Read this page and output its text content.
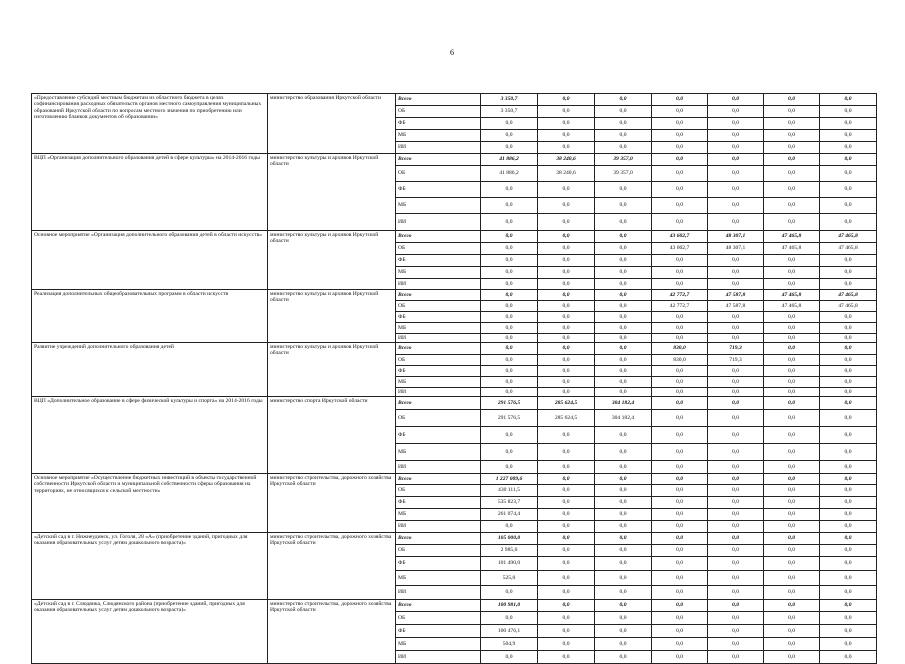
6
«Предоставление субсидий местным бюджетам из областного бюджета в целях софинансирования расходных обязательств органов местного самоуправления муниципальных образований Иркутской области по вопросам местного значения по приобретению или изготовлению бланков документов об образовании»	министерство образования Иркутской области	Всего	3 350,7	0,0	0,0	0,0	0,0	0,0	0,0
		ОБ	3 350,7	0,0	0,0	0,0	0,0	0,0	0,0
		ФБ	0,0	0,0	0,0	0,0	0,0	0,0	0,0
		МБ	0,0	0,0	0,0	0,0	0,0	0,0	0,0
		ИИ	0,0	0,0	0,0	0,0	0,0	0,0	0,0
ВЦП «Организация дополнительного образования детей в сфере культуры» на 2014-2016 годы	министерство культуры и архивов Иркутской области	Всего	41 886,2	38 240,6	39 357,0	0,0	0,0	0,0	0,0
		ОБ	41 886,2	38 240,6	39 357,0	0,0	0,0	0,0	0,0
		ФБ	0,0	0,0	0,0	0,0	0,0	0,0	0,0
		МБ	0,0	0,0	0,0	0,0	0,0	0,0	0,0
		ИИ	0,0	0,0	0,0	0,0	0,0	0,0	0,0
Основное мероприятие «Организация дополнительного образования детей в области искусств»	министерство культуры и архивов Иркутской области	Всего	0,0	0,0	0,0	43 602,7	48 307,1	47 465,8	47 465,8
		ОБ	0,0	0,0	0,0	43 602,7	48 307,1	47 465,8	47 465,8
		ФБ	0,0	0,0	0,0	0,0	0,0	0,0	0,0
		МБ	0,0	0,0	0,0	0,0	0,0	0,0	0,0
		ИИ	0,0	0,0	0,0	0,0	0,0	0,0	0,0
Реализация дополнительных общеобразовательных программ в области искусств	министерство культуры и архивов Иркутской области	Всего	0,0	0,0	0,0	42 772,7	47 587,8	47 465,8	47 465,8
		ОБ	0,0	0,0	0,0	42 772,7	47 587,8	47 465,8	47 465,8
		ФБ	0,0	0,0	0,0	0,0	0,0	0,0	0,0
		МБ	0,0	0,0	0,0	0,0	0,0	0,0	0,0
		ИИ	0,0	0,0	0,0	0,0	0,0	0,0	0,0
Развитие учреждений дополнительного образования детей	министерство культуры и архивов Иркутской области	Всего	0,0	0,0	0,0	830,0	719,3	0,0	0,0
		ОБ	0,0	0,0	0,0	830,0	719,3	0,0	0,0
		ФБ	0,0	0,0	0,0	0,0	0,0	0,0	0,0
		МБ	0,0	0,0	0,0	0,0	0,0	0,0	0,0
		ИИ	0,0	0,0	0,0	0,0	0,0	0,0	0,0
ВЦП «Дополнительное образование в сфере физической культуры и спорта» на 2014-2016 годы	министерство спорта Иркутской области	Всего	291 576,5	285 624,5	304 182,4	0,0	0,0	0,0	0,0
		ОБ	291 576,5	285 624,5	304 182,4	0,0	0,0	0,0	0,0
		ФБ	0,0	0,0	0,0	0,0	0,0	0,0	0,0
		МБ	0,0	0,0	0,0	0,0	0,0	0,0	0,0
		ИИ	0,0	0,0	0,0	0,0	0,0	0,0	0,0
Основное мероприятие «Осуществление бюджетных инвестиций в объекты государственной собственности Иркутской области и муниципальной собственности сферы образования на территориях, не относящихся к сельской местности»	министерство строительства, дорожного хозяйства Иркутской области	Всего	1 227 009,6	0,0	0,0	0,0	0,0	0,0	0,0
		ОБ	430 111,5	0,0	0,0	0,0	0,0	0,0	0,0
		ФБ	535 823,7	0,0	0,0	0,0	0,0	0,0	0,0
		МБ	261 074,4	0,0	0,0	0,0	0,0	0,0	0,0
		ИИ	0,0	0,0	0,0	0,0	0,0	0,0	0,0
«Детский сад в г. Нижнеудинск, ул. Гоголя, 28 «А» (приобретение зданий, пригодных для оказания образовательных услуг детям дошкольного возраста)»	министерство строительства, дорожного хозяйства Иркутской области	Всего	105 000,0	0,0	0,0	0,0	0,0	0,0	0,0
		ОБ	2 985,0	0,0	0,0	0,0	0,0	0,0	0,0
		ФБ	101 490,0	0,0	0,0	0,0	0,0	0,0	0,0
		МБ	525,0	0,0	0,0	0,0	0,0	0,0	0,0
		ИИ	0,0	0,0	0,0	0,0	0,0	0,0	0,0
«Детский сад в г. Слюдянка, Слюдянского района (приобретение зданий, пригодных для оказания образовательных услуг детям дошкольного возраста)»	министерство строительства, дорожного хозяйства Иркутской области	Всего	100 981,0	0,0	0,0	0,0	0,0	0,0	0,0
		ОБ	0,0	0,0	0,0	0,0	0,0	0,0	0,0
		ФБ	100 476,1	0,0	0,0	0,0	0,0	0,0	0,0
		МБ	504,9	0,0	0,0	0,0	0,0	0,0	0,0
		ИИ	0,0	0,0	0,0	0,0	0,0	0,0	0,0
